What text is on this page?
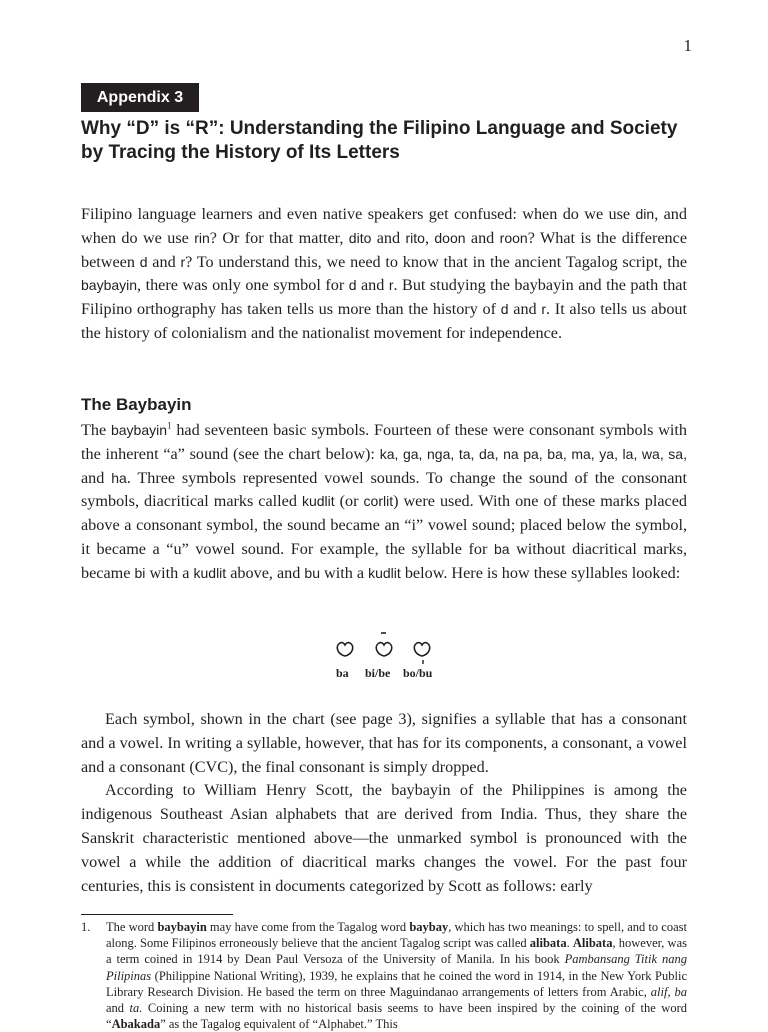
1
Appendix 3
Why “D” is “R”: Understanding the Filipino Language and Society by Tracing the History of Its Letters

Filipino language learners and even native speakers get confused: when do we use din, and when do we use rin? Or for that matter, dito and rito, doon and roon? What is the difference between d and r? To understand this, we need to know that in the ancient Tagalog script, the baybayin, there was only one symbol for d and r. But studying the baybayin and the path that Filipino orthography has taken tells us more than the history of d and r. It also tells us about the history of colonialism and the nationalist movement for independence.

The Baybayin

The baybayin$^1$ had seventeen basic symbols. Fourteen of these were consonant symbols with the inherent “a” sound (see the chart below): ka, ga, nga, ta, da, na pa, ba, ma, ya, la, wa, sa, and ha. Three symbols represented vowel sounds. To change the sound of the consonant symbols, diacritical marks called kudlit (or corlit) were used. With one of these marks placed above a consonant symbol, the sound became an “i” vowel sound; placed below the symbol, it became a “u” vowel sound. For example, the syllable for ba without diacritical marks, became bi with a kudlit above, and bu with a kudlit below. Here is how these syllables looked:

ba bi/be bo/bu

Each symbol, shown in the chart (see page 3), signifies a syllable that has a consonant and a vowel. In writing a syllable, however, that has for its components, a consonant, a vowel and a consonant (CVC), the final consonant is simply dropped.

According to William Henry Scott, the baybayin of the Philippines is among the indigenous Southeast Asian alphabets that are derived from India. Thus, they share the Sanskrit characteristic mentioned above—the unmarked symbol is pronounced with the vowel a while the addition of diacritical marks changes the vowel. For the past four centuries, this is consistent in documents categorized by Scott as follows: early

1. The word baybayin may have come from the Tagalog word baybay, which has two meanings: to spell, and to coast along. Some Filipinos erroneously believe that the ancient Tagalog script was called alibata. Alibata, however, was a term coined in 1914 by Dean Paul Versoza of the University of Manila. In his book Pambansang Titik nang Pilipinas (Philippine National Writing), 1939, he explains that he coined the word in 1914, in the New York Public Library Research Division. He based the term on three Maguindanao arrangements of letters from Arabic, alif, ba and ta. Coining a new term with no historical basis seems to have been inspired by the coining of the word “Abakada” as the Tagalog equivalent of “Alphabet.” This
